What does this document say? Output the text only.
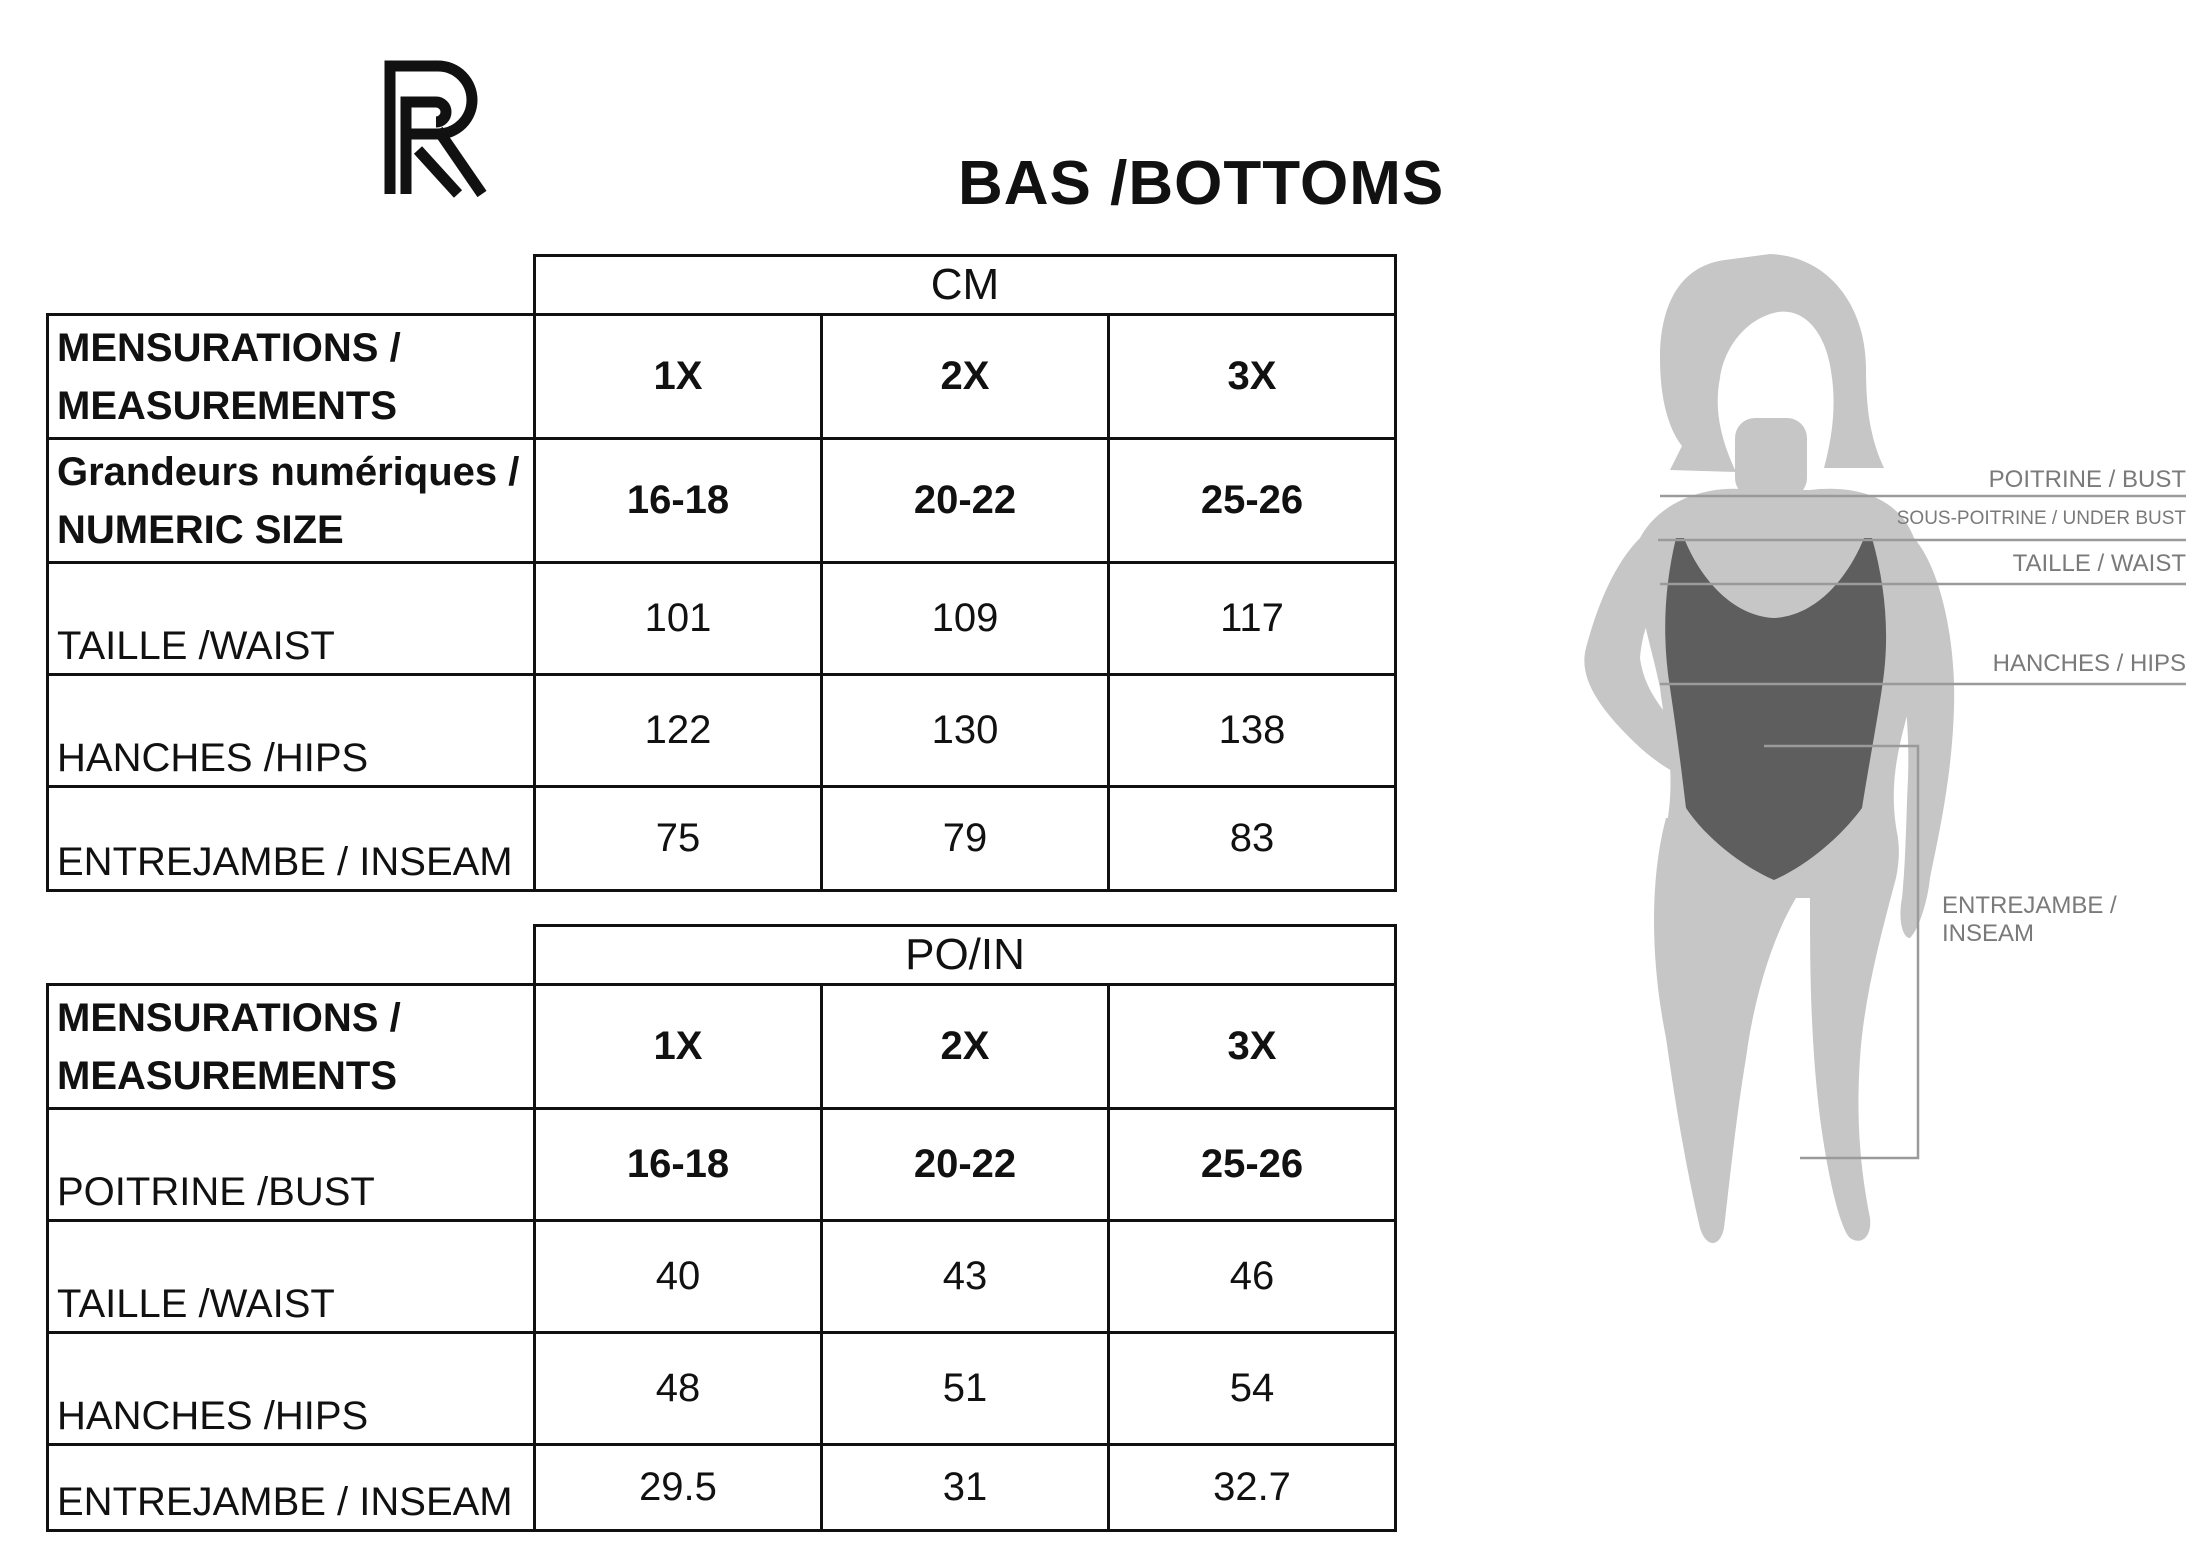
BAS /BOTTOMS
	CM		
MENSURATIONS /
MEASUREMENTS	1X	2X	3X
Grandeurs numériques /
NUMERIC SIZE	16-18	20-22	25-26
TAILLE /WAIST	101	109	117
HANCHES /HIPS	122	130	138
ENTREJAMBE / INSEAM	75	79	83
	PO/IN		
MENSURATIONS /
MEASUREMENTS	1X	2X	3X
POITRINE /BUST	16-18	20-22	25-26
TAILLE /WAIST	40	43	46
HANCHES /HIPS	48	51	54
ENTREJAMBE / INSEAM	29.5	31	32.7
POITRINE / BUST
SOUS-POITRINE / UNDER BUST
TAILLE / WAIST
HANCHES / HIPS
ENTREJAMBE /
INSEAM
